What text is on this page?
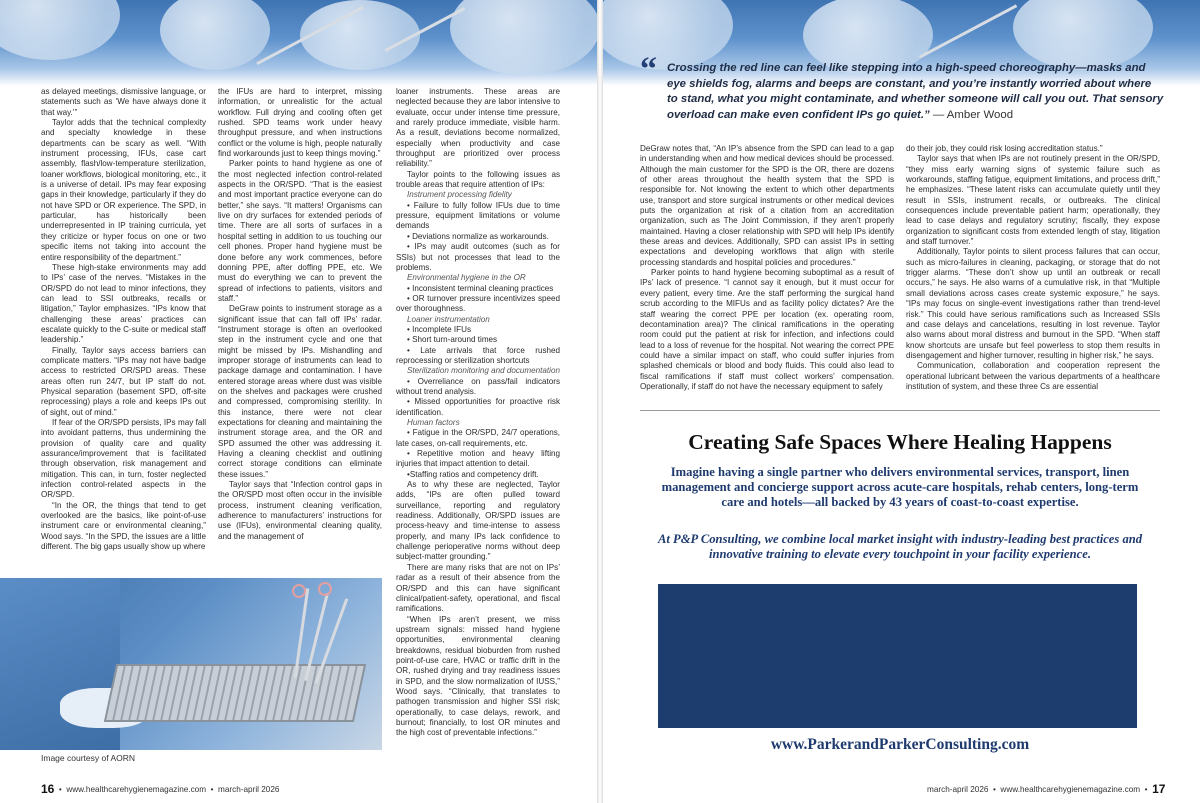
as delayed meetings, dismissive language, or statements such as ‘We have always done it that way.’”

Taylor adds that the technical complexity and specialty knowledge in these departments can be scary as well. “With instrument processing, IFUs, case cart assembly, flash/low-temperature sterilization, loaner workflows, biological monitoring, etc., it is a universe of detail. IPs may fear exposing gaps in their knowledge, particularly if they do not have SPD or OR experience. The SPD, in particular, has historically been underrepresented in IP training curricula, yet they criticize or hyper focus on one or two specific items not taking into account the entire responsibility of the department.”

These high-stake environments may add to IPs’ case of the nerves. “Mistakes in the OR/SPD do not lead to minor infections, they can lead to SSI outbreaks, recalls or litigation,” Taylor emphasizes. “IPs know that challenging these areas’ practices can escalate quickly to the C-suite or medical staff leadership.”

Finally, Taylor says access barriers can complicate matters. “IPs may not have badge access to restricted OR/SPD areas. These areas often run 24/7, but IP staff do not. Physical separation (basement SPD, off-site reprocessing) plays a role and keeps IPs out of sight, out of mind.”

If fear of the OR/SPD persists, IPs may fall into avoidant patterns, thus undermining the provision of quality care and quality assurance/improvement that is facilitated through observation, risk management and mitigation. This can, in turn, foster neglected infection control-related aspects in the OR/SPD.

“In the OR, the things that tend to get overlooked are the basics, like point-of-use instrument care or environmental cleaning,” Wood says. “In the SPD, the issues are a little different. The big gaps usually show up where

the IFUs are hard to interpret, missing information, or unrealistic for the actual workflow. Full drying and cooling often get rushed. SPD teams work under heavy throughput pressure, and when instructions conflict or the volume is high, people naturally find workarounds just to keep things moving.”

Parker points to hand hygiene as one of the most neglected infection control-related aspects in the OR/SPD. “That is the easiest and most important practice everyone can do better,” she says. “It matters! Organisms can live on dry surfaces for extended periods of time. There are all sorts of surfaces in a hospital setting in addition to us touching our cell phones. Proper hand hygiene must be done before any work commences, before donning PPE, after doffing PPE, etc. We must do everything we can to prevent the spread of infections to patients, visitors and staff.”

DeGraw points to instrument storage as a significant issue that can fall off IPs’ radar. “Instrument storage is often an overlooked step in the instrument cycle and one that might be missed by IPs. Mishandling and improper storage of instruments can lead to package damage and contamination. I have entered storage areas where dust was visible on the shelves and packages were crushed and compressed, compromising sterility. In this instance, there were not clear expectations for cleaning and maintaining the instrument storage area, and the OR and SPD assumed the other was addressing it. Having a cleaning checklist and outlining correct storage conditions can eliminate these issues.”

Taylor says that “Infection control gaps in the OR/SPD most often occur in the invisible process, instrument cleaning verification, adherence to manufacturers’ instructions for use (IFUs), environmental cleaning quality, and the management of

loaner instruments. These areas are neglected because they are labor intensive to evaluate, occur under intense time pressure, and rarely produce immediate, visible harm. As a result, deviations become normalized, especially when productivity and case throughput are prioritized over process reliability.”

Taylor points to the following issues as trouble areas that require attention of IPs:

Instrument processing fidelity

• Failure to fully follow IFUs due to time pressure, equipment limitations or volume demands

• Deviations normalize as workarounds.

• IPs may audit outcomes (such as for SSIs) but not processes that lead to the problems.

Environmental hygiene in the OR

• Inconsistent terminal cleaning practices

• OR turnover pressure incentivizes speed over thoroughness.

Loaner instrumentation

• Incomplete IFUs

• Short turn-around times

• Late arrivals that force rushed reprocessing or sterilization shortcuts

Sterilization monitoring and documentation

• Overreliance on pass/fail indicators without trend analysis.

• Missed opportunities for proactive risk identification.

Human factors

• Fatigue in the OR/SPD, 24/7 operations, late cases, on-call requirements, etc.

• Repetitive motion and heavy lifting injuries that impact attention to detail.

•Staffing ratios and competency drift.

As to why these are neglected, Taylor adds, “IPs are often pulled toward surveillance, reporting and regulatory readiness. Additionally, OR/SPD issues are process-heavy and time-intense to assess properly, and many IPs lack confidence to challenge perioperative norms without deep subject-matter grounding.”

There are many risks that are not on IPs’ radar as a result of their absence from the OR/SPD and this can have significant clinical/patient-safety, operational, and fiscal ramifications.

“When IPs aren’t present, we miss upstream signals: missed hand hygiene opportunities, environmental cleaning breakdowns, residual bioburden from rushed point-of-use care, HVAC or traffic drift in the OR, rushed drying and tray readiness issues in SPD, and the slow normalization of IUSS,” Wood says. “Clinically, that translates to pathogen transmission and higher SSI risk; operationally, to case delays, rework, and burnout; financially, to lost OR minutes and the high cost of preventable infections.”

Image courtesy of AORN
16  •  www.healthcarehygienemagazine.com  •  march-april 2026
“ Crossing the red line can feel like stepping into a high-speed choreography—masks and eye shields fog, alarms and beeps are constant, and you’re instantly worried about where to stand, what you might contaminate, and whether someone will call you out. That sensory overload can make even confident IPs go quiet.” — Amber Wood

DeGraw notes that, “An IP’s absence from the SPD can lead to a gap in understanding when and how medical devices should be processed. Although the main customer for the SPD is the OR, there are dozens of other areas throughout the health system that the SPD is responsible for. Not knowing the extent to which other departments use, transport and store surgical instruments or other medical devices puts the organization at risk of a citation from an accreditation organization, such as The Joint Commission, if they aren’t properly maintained. Having a closer relationship with SPD will help IPs identify these areas and devices. Additionally, SPD can assist IPs in setting expectations and developing workflows that align with sterile processing standards and hospital policies and procedures.”

Parker points to hand hygiene becoming suboptimal as a result of IPs’ lack of presence. “I cannot say it enough, but it must occur for every patient, every time. Are the staff performing the surgical hand scrub according to the MIFUs and as facility policy dictates? Are the staff wearing the correct PPE per location (ex. operating room, decontamination area)? The clinical ramifications in the operating room could put the patient at risk for infection, and infections could lead to a loss of revenue for the hospital. Not wearing the correct PPE could have a similar impact on staff, who could suffer injuries from splashed chemicals or blood and body fluids. This could also lead to fiscal ramifications if staff must collect workers’ compensation. Operationally, if staff do not have the necessary equipment to safely

do their job, they could risk losing accreditation status.”

Taylor says that when IPs are not routinely present in the OR/SPD, “they miss early warning signs of systemic failure such as workarounds, staffing fatigue, equipment limitations, and process drift,” he emphasizes. “These latent risks can accumulate quietly until they result in SSIs, instrument recalls, or outbreaks. The clinical consequences include preventable patient harm; operationally, they lead to case delays and regulatory scrutiny; fiscally, they expose organization to significant costs from extended length of stay, litigation and staff turnover.”

Additionally, Taylor points to silent process failures that can occur, such as micro-failures in cleaning, packaging, or storage that do not trigger alarms. “These don’t show up until an outbreak or recall occurs,” he says. He also warns of a cumulative risk, in that “Multiple small deviations across cases create systemic exposure,” he says. “IPs may focus on single-event investigations rather than trend-level risk.” This could have serious ramifications such as Increased SSIs and case delays and cancelations, resulting in lost revenue. Taylor also warns about moral distress and burnout in the SPD. “When staff know shortcuts are unsafe but feel powerless to stop them results in disengagement and higher turnover, resulting in higher risk,” he says.

Communication, collaboration and cooperation represent the operational lubricant between the various departments of a healthcare institution of system, and these three Cs are essential

Creating Safe Spaces Where Healing Happens
Imagine having a single partner who delivers environmental services, transport, linen management and concierge support across acute-care hospitals, rehab centers, long-term care and hotels—all backed by 43 years of coast-to-coast expertise.
At P&P Consulting, we combine local market insight with industry-leading best practices and innovative training to elevate every touchpoint in your facility experience.
www.ParkerandParkerConsulting.com
march-april 2026  •  www.healthcarehygienemagazine.com  •  17
